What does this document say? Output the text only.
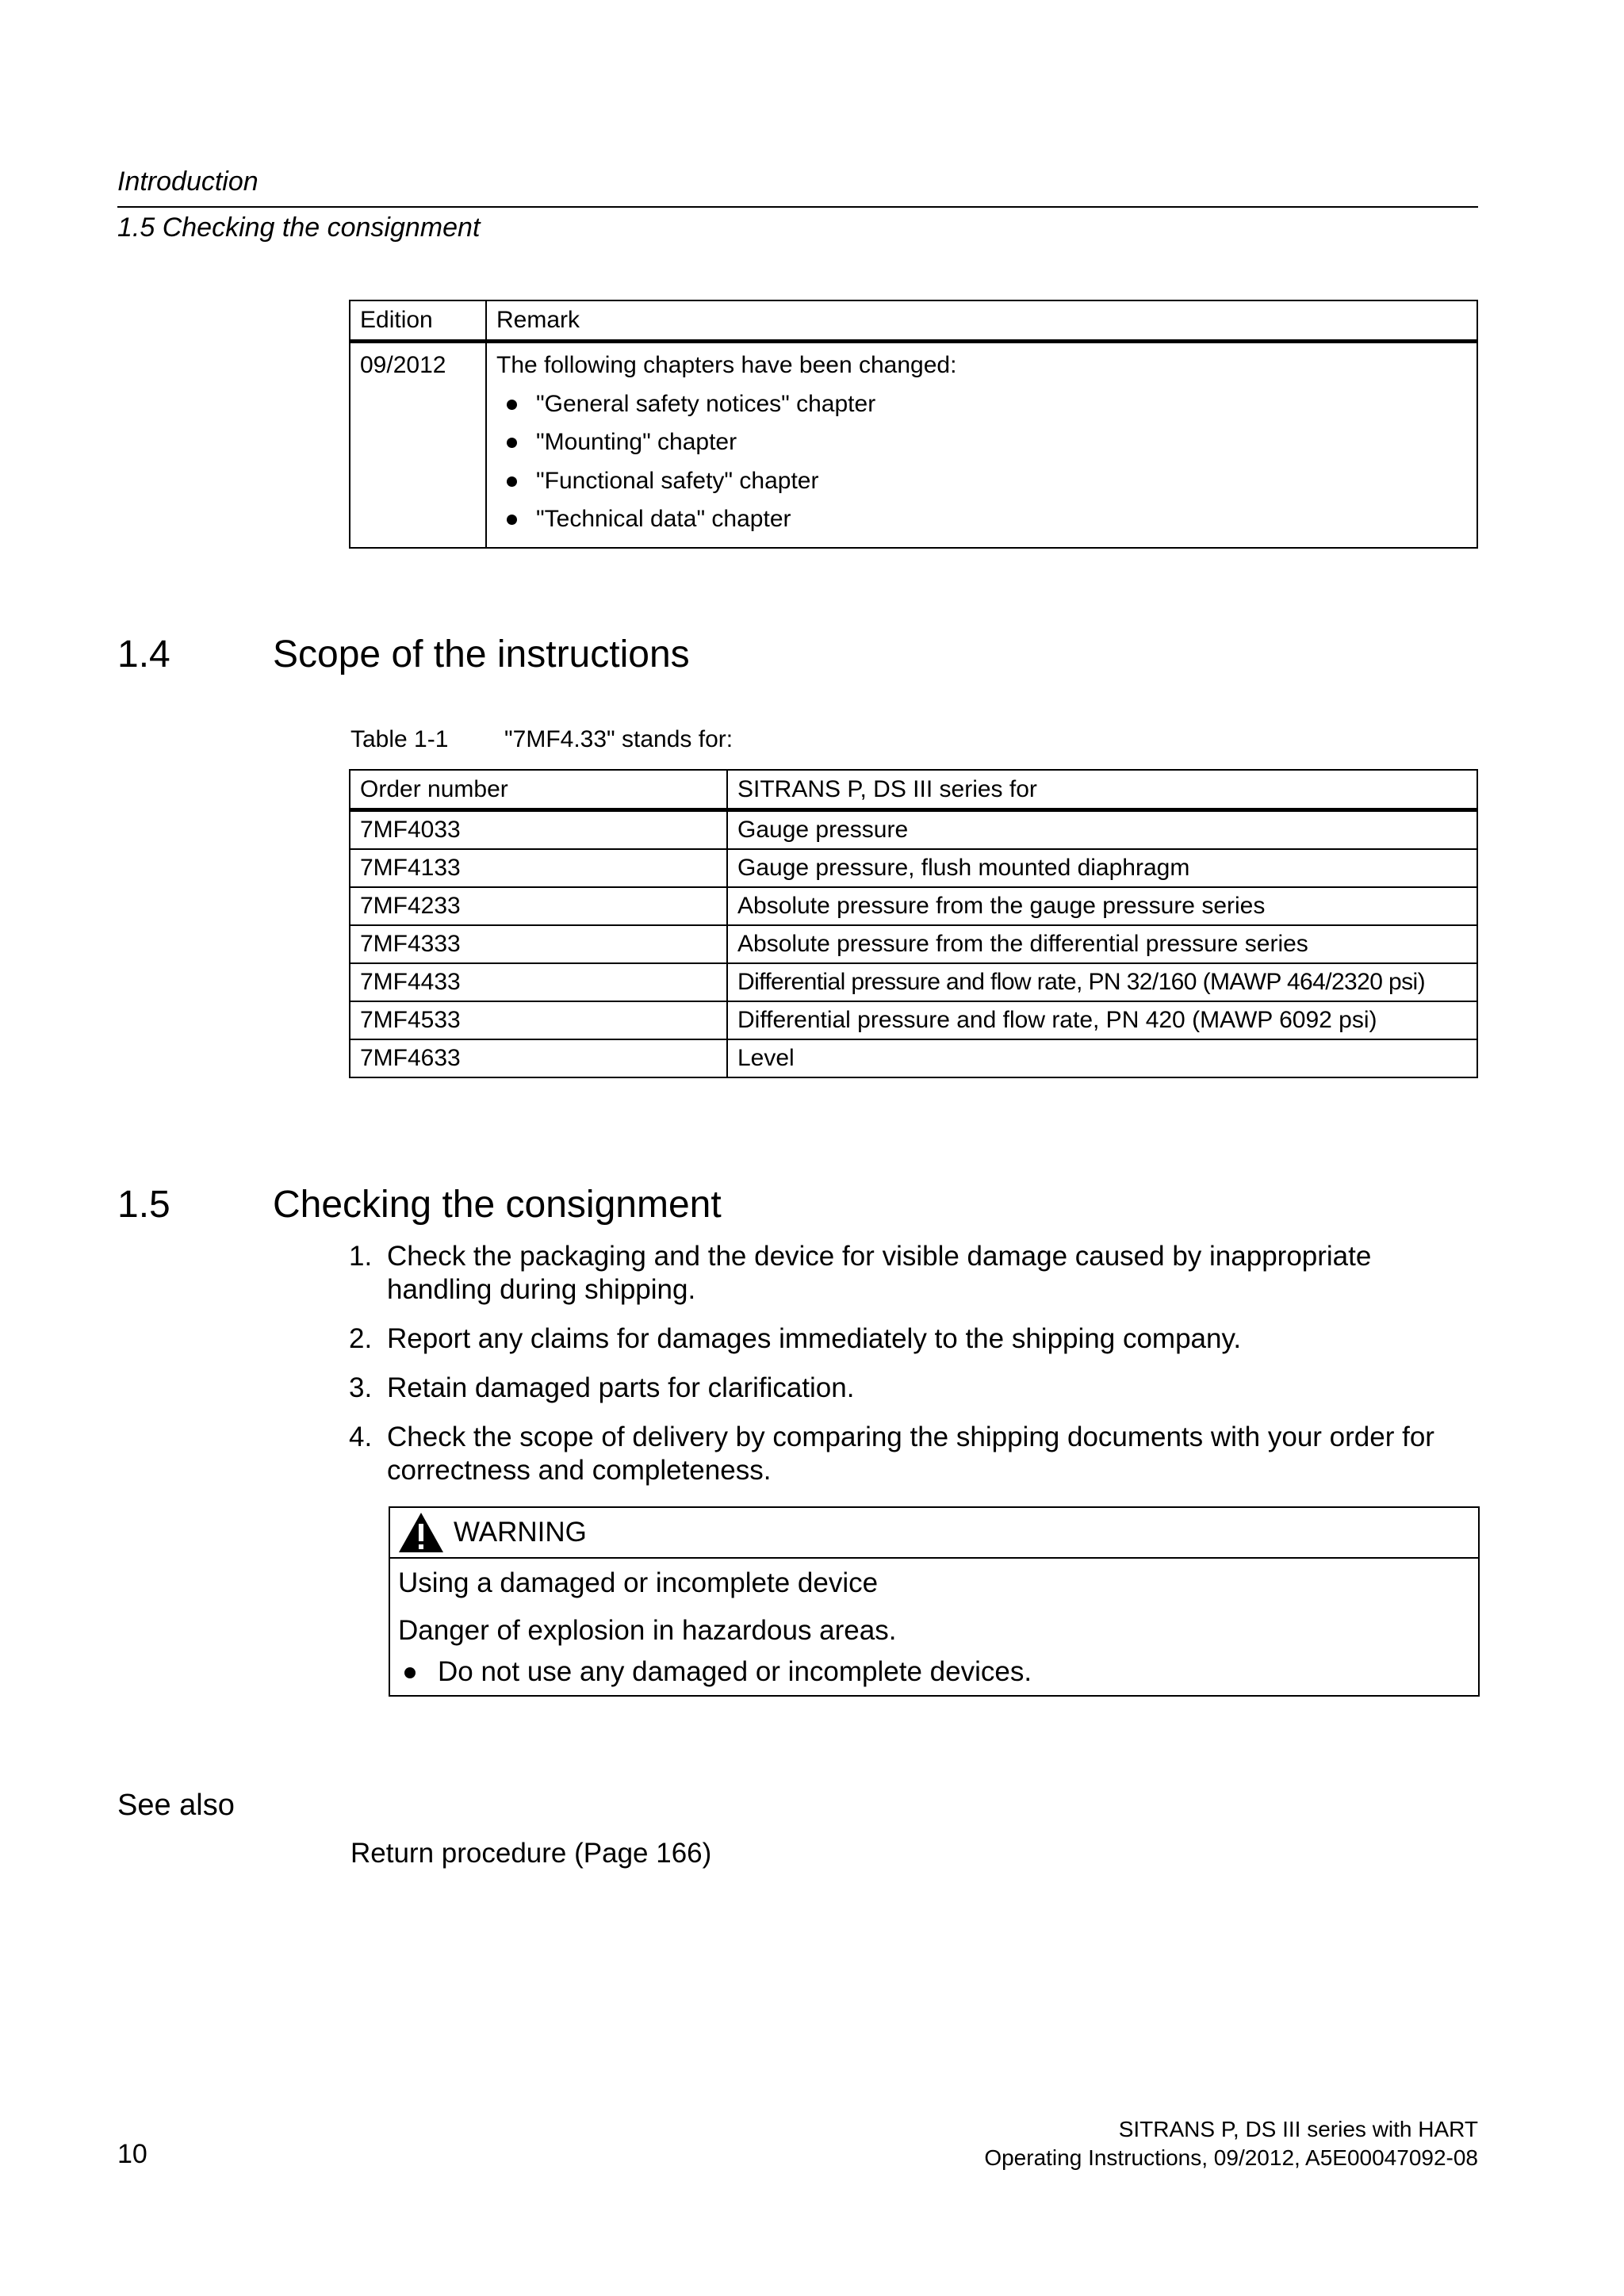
Introduction
1.5 Checking the consignment
Edition	Remark

09/2012	The following chapters have been changed:
"General safety notices" chapter
"Mounting" chapter
"Functional safety" chapter
"Technical data" chapter
1.4	Scope of the instructions
Table 1-1 "7MF4.33" stands for:
Order number	SITRANS P, DS III series for
7MF4033	Gauge pressure
7MF4133	Gauge pressure, flush mounted diaphragm
7MF4233	Absolute pressure from the gauge pressure series
7MF4333	Absolute pressure from the differential pressure series
7MF4433	Differential pressure and flow rate, PN 32/160 (MAWP 464/2320 psi)
7MF4533	Differential pressure and flow rate, PN 420 (MAWP 6092 psi)
7MF4633	Level
1.5	Checking the consignment
1. Check the packaging and the device for visible damage caused by inappropriate handling during shipping.
2. Report any claims for damages immediately to the shipping company.
3. Retain damaged parts for clarification.
4. Check the scope of delivery by comparing the shipping documents with your order for correctness and completeness.
WARNING
Using a damaged or incomplete device
Danger of explosion in hazardous areas.
Do not use any damaged or incomplete devices.
See also
Return procedure (Page 166)
10
SITRANS P, DS III series with HART
Operating Instructions, 09/2012, A5E00047092-08
